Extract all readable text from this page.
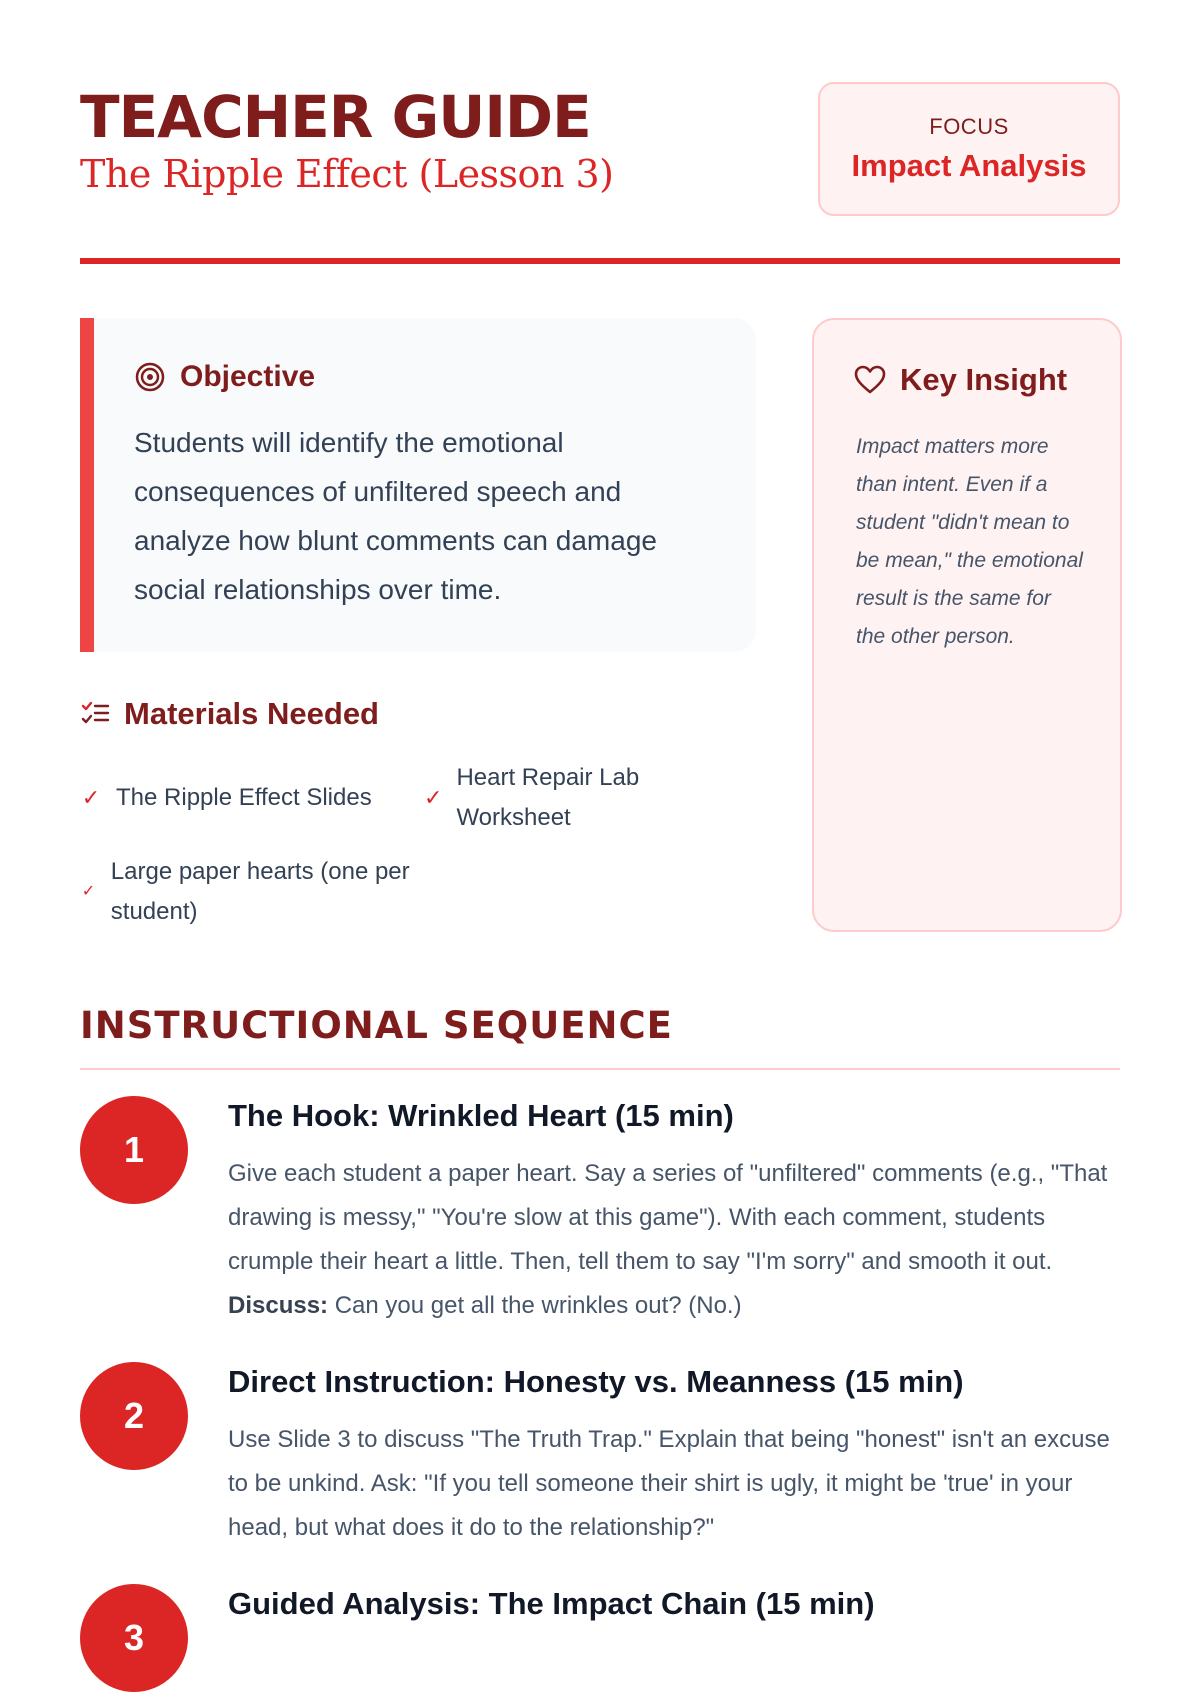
TEACHER GUIDE
The Ripple Effect (Lesson 3)
FOCUS
Impact Analysis
Objective
Students will identify the emotional consequences of unfiltered speech and analyze how blunt comments can damage social relationships over time.
Key Insight
Impact matters more than intent. Even if a student "didn't mean to be mean," the emotional result is the same for the other person.
Materials Needed
✓ The Ripple Effect Slides ✓
Heart Repair Lab Worksheet
✓
Large paper hearts (one per student)
INSTRUCTIONAL SEQUENCE
1
The Hook: Wrinkled Heart (15 min)
Give each student a paper heart. Say a series of "unfiltered" comments (e.g., "That drawing is messy," "You're slow at this game"). With each comment, students crumple their heart a little. Then, tell them to say "I'm sorry" and smooth it out. Discuss: Can you get all the wrinkles out? (No.)
2
Direct Instruction: Honesty vs. Meanness (15 min)
Use Slide 3 to discuss "The Truth Trap." Explain that being "honest" isn't an excuse to be unkind. Ask: "If you tell someone their shirt is ugly, it might be 'true' in your head, but what does it do to the relationship?"
3
Guided Analysis: The Impact Chain (15 min)
